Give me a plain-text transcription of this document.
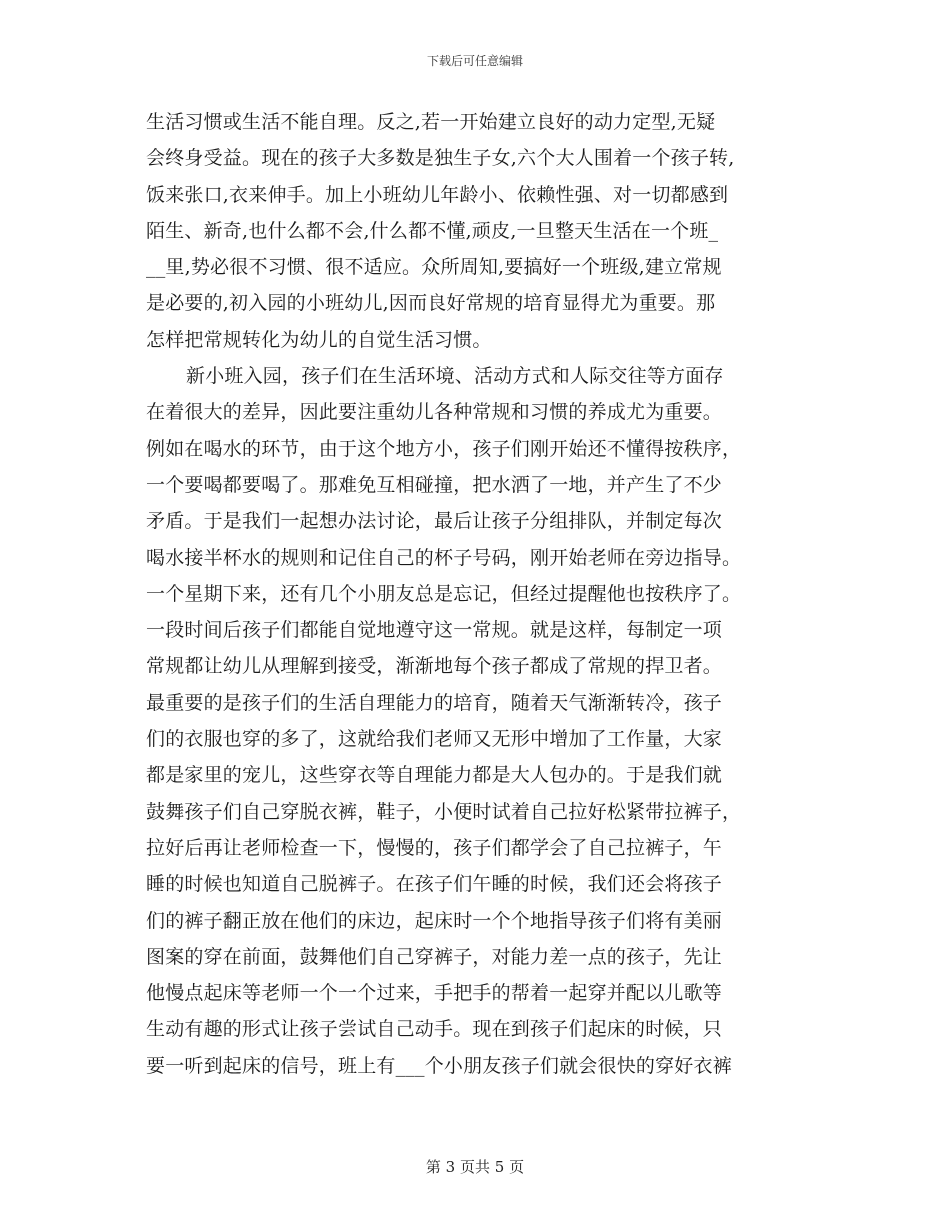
下载后可任意编辑
生活习惯或生活不能自理。反之,若一开始建立良好的动力定型,无疑
会终身受益。现在的孩子大多数是独生子女,六个大人围着一个孩子转,
饭来张口,衣来伸手。加上小班幼儿年龄小、依赖性强、对一切都感到
陌生、新奇,也什么都不会,什么都不懂,顽皮,一旦整天生活在一个班_
__里,势必很不习惯、很不适应。众所周知,要搞好一个班级,建立常规
是必要的,初入园的小班幼儿,因而良好常规的培育显得尤为重要。那
怎样把常规转化为幼儿的自觉生活习惯。
新小班入园，孩子们在生活环境、活动方式和人际交往等方面存
在着很大的差异，因此要注重幼儿各种常规和习惯的养成尤为重要。
例如在喝水的环节，由于这个地方小，孩子们刚开始还不懂得按秩序，
一个要喝都要喝了。那难免互相碰撞，把水洒了一地，并产生了不少
矛盾。于是我们一起想办法讨论，最后让孩子分组排队，并制定每次
喝水接半杯水的规则和记住自己的杯子号码，刚开始老师在旁边指导。
一个星期下来，还有几个小朋友总是忘记，但经过提醒他也按秩序了。
一段时间后孩子们都能自觉地遵守这一常规。就是这样，每制定一项
常规都让幼儿从理解到接受，渐渐地每个孩子都成了常规的捍卫者。
最重要的是孩子们的生活自理能力的培育，随着天气渐渐转冷，孩子
们的衣服也穿的多了，这就给我们老师又无形中增加了工作量，大家
都是家里的宠儿，这些穿衣等自理能力都是大人包办的。于是我们就
鼓舞孩子们自己穿脱衣裤，鞋子，小便时试着自己拉好松紧带拉裤子，
拉好后再让老师检查一下，慢慢的，孩子们都学会了自己拉裤子，午
睡的时候也知道自己脱裤子。在孩子们午睡的时候，我们还会将孩子
们的裤子翻正放在他们的床边，起床时一个个地指导孩子们将有美丽
图案的穿在前面，鼓舞他们自己穿裤子，对能力差一点的孩子，先让
他慢点起床等老师一个一个过来，手把手的帮着一起穿并配以儿歌等
生动有趣的形式让孩子尝试自己动手。现在到孩子们起床的时候，只
要一听到起床的信号，班上有___个小朋友孩子们就会很快的穿好衣裤
第 3 页共 5 页
